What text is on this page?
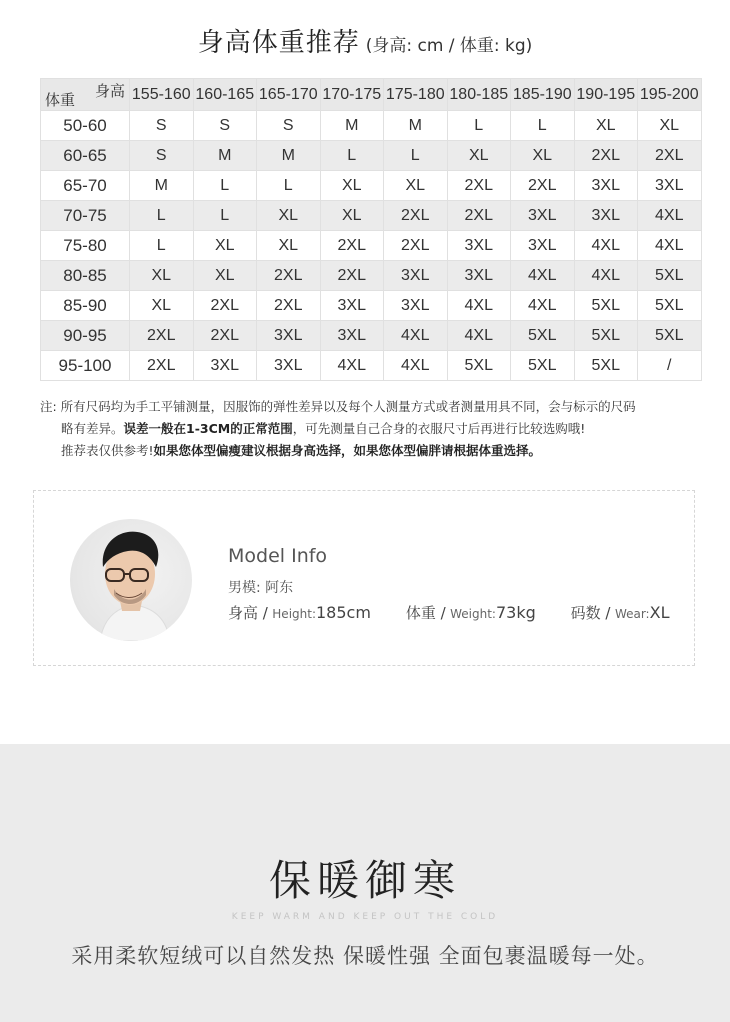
身高体重推荐 (身高: cm / 体重: kg)
身高
体重	155-160	160-165	165-170	170-175	175-180	180-185	185-190	190-195	195-200
50-60	S	S	S	M	M	L	L	XL	XL
60-65	S	M	M	L	L	XL	XL	2XL	2XL
65-70	M	L	L	XL	XL	2XL	2XL	3XL	3XL
70-75	L	L	XL	XL	2XL	2XL	3XL	3XL	4XL
75-80	L	XL	XL	2XL	2XL	3XL	3XL	4XL	4XL
80-85	XL	XL	2XL	2XL	3XL	3XL	4XL	4XL	5XL
85-90	XL	2XL	2XL	3XL	3XL	4XL	4XL	5XL	5XL
90-95	2XL	2XL	3XL	3XL	4XL	4XL	5XL	5XL	5XL
95-100	2XL	3XL	3XL	4XL	4XL	5XL	5XL	5XL	/
注: 所有尺码均为手工平铺测量，因服饰的弹性差异以及每个人测量方式或者测量用具不同，会与标示的尺码
略有差异。误差一般在1-3CM的正常范围，可先测量自己合身的衣服尺寸后再进行比较选购哦!
推荐表仅供参考!如果您体型偏瘦建议根据身高选择，如果您体型偏胖请根据体重选择。
Model Info
男模: 阿东
身高 / Height:185cm 体重 / Weight:73kg 码数 / Wear:XL
保暖御寒
KEEP WARM AND KEEP OUT THE COLD
采用柔软短绒可以自然发热 保暖性强 全面包裹温暖每一处。
